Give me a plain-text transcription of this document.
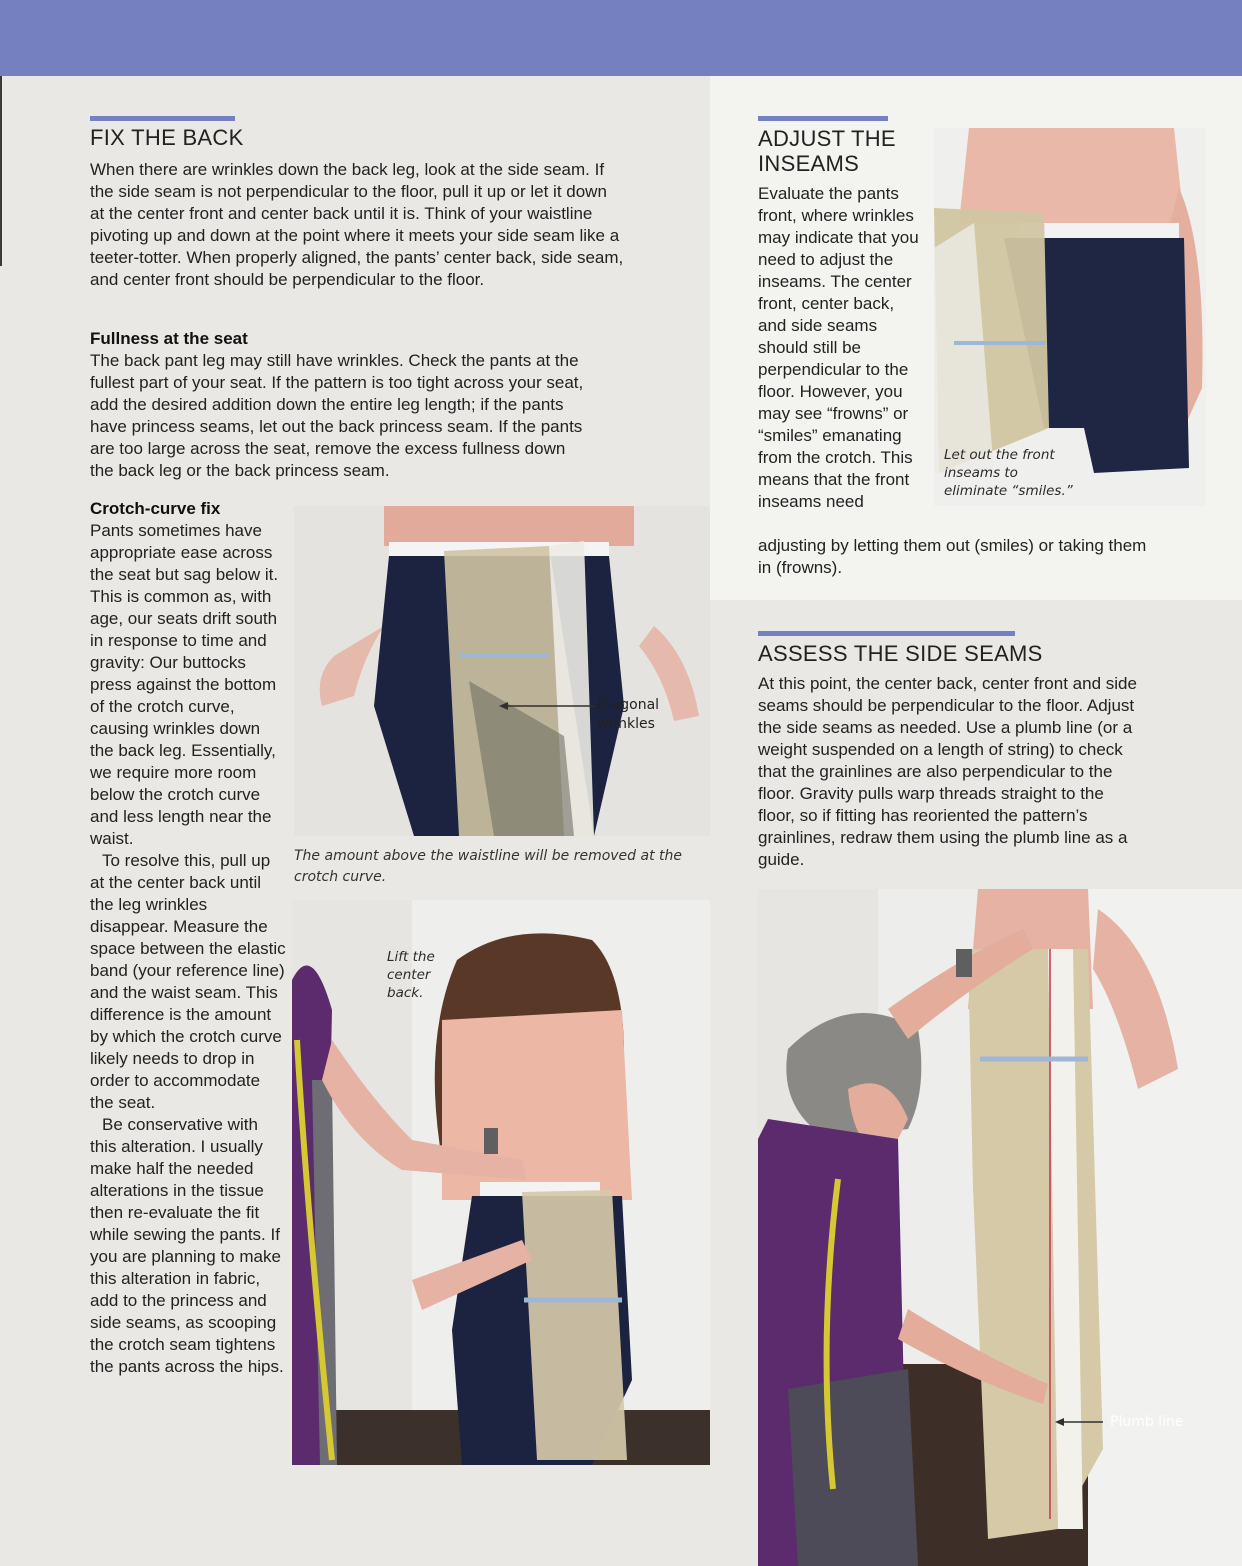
FIX THE BACK

When there are wrinkles down the back leg, look at the side seam. If the side seam is not perpendicular to the floor, pull it up or let it down at the center front and center back until it is. Think of your waistline pivoting up and down at the point where it meets your side seam like a teeter-totter. When properly aligned, the pants’ center back, side seam, and center front should be perpendicular to the floor.

Fullness at the seat

The back pant leg may still have wrinkles. Check the pants at the fullest part of your seat. If the pattern is too tight across your seat, add the desired addition down the entire leg length; if the pants have princess seams, let out the back princess seam. If the pants are too large across the seat, remove the excess fullness down the back leg or the back princess seam.

Crotch-curve fix

Pants sometimes have appropriate ease across the seat but sag below it. This is common as, with age, our seats drift south in response to time and gravity: Our buttocks press against the bottom of the crotch curve, causing wrinkles down the back leg. Essentially, we require more room below the crotch curve and less length near the waist.

To resolve this, pull up at the center back until the leg wrinkles disappear. Measure the space between the elastic band (your reference line) and the waist seam. This difference is the amount by which the crotch curve likely needs to drop in order to accommodate the seat.

Be conservative with this alteration. I usually make half the needed alterations in the tissue then re-evaluate the fit while sewing the pants. If you are planning to make this alteration in fabric, add to the princess and side seams, as scooping the crotch seam tightens the pants across the hips.

Diagonal wrinkles

The amount above the waistline will be removed at the crotch curve.

Lift the center back.

ADJUST THE INSEAMS

Evaluate the pants front, where wrinkles may indicate that you need to adjust the inseams. The center front, center back, and side seams should still be perpendicular to the floor. However, you may see “frowns” or “smiles” emanating from the crotch. This means that the front inseams need

adjusting by letting them out (smiles) or taking them in (frowns).

Let out the front inseams to eliminate “smiles.”

ASSESS THE SIDE SEAMS

At this point, the center back, center front and side seams should be perpendicular to the floor. Adjust the side seams as needed. Use a plumb line (or a weight suspended on a length of string) to check that the grainlines are also perpendicular to the floor. Gravity pulls warp threads straight to the floor, so if fitting has reoriented the pattern’s grainlines, redraw them using the plumb line as a guide.

Plumb line
